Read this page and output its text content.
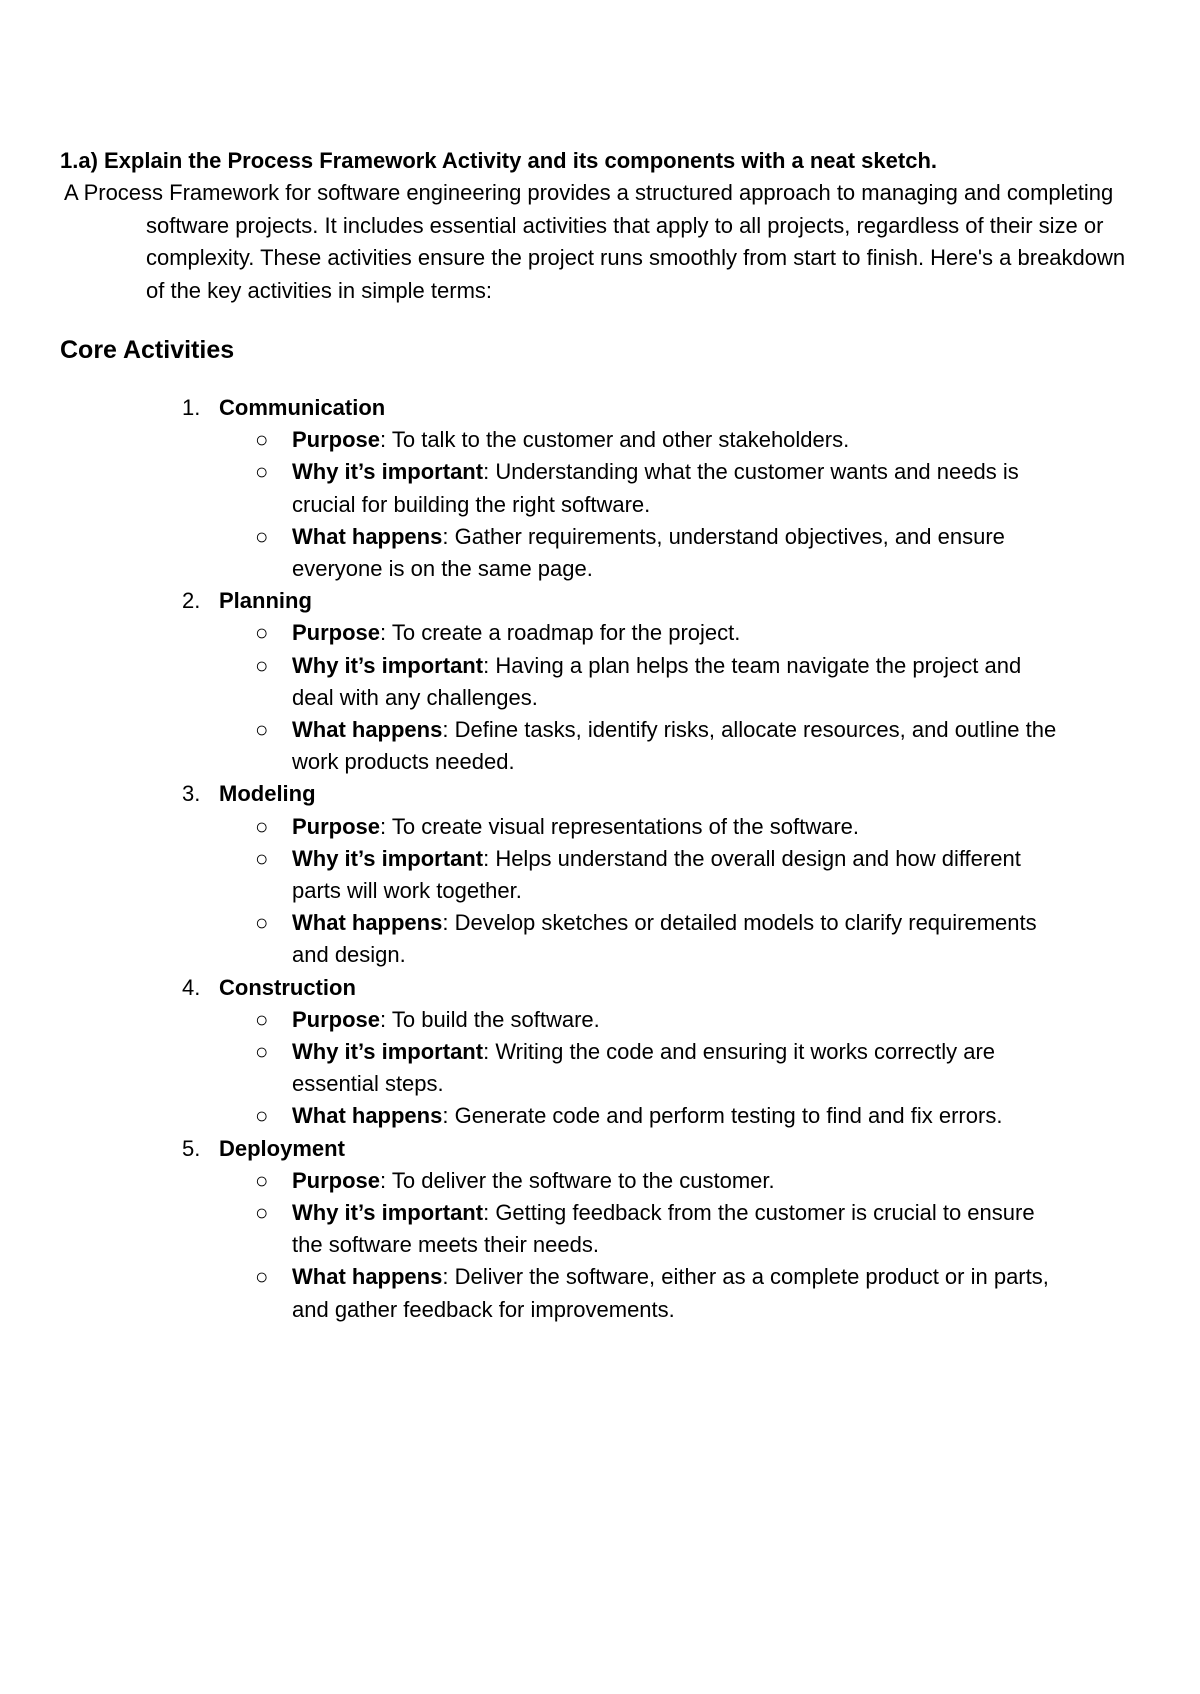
1.a) Explain the Process Framework Activity and its components with a neat sketch.

A Process Framework for software engineering provides a structured approach to managing and completing software projects. It includes essential activities that apply to all projects, regardless of their size or complexity. These activities ensure the project runs smoothly from start to finish. Here's a breakdown of the key activities in simple terms:

Core Activities
1. Communication
○ Purpose: To talk to the customer and other stakeholders.
○ Why it’s important: Understanding what the customer wants and needs is crucial for building the right software.
○ What happens: Gather requirements, understand objectives, and ensure everyone is on the same page.
2. Planning
○ Purpose: To create a roadmap for the project.
○ Why it’s important: Having a plan helps the team navigate the project and deal with any challenges.
○ What happens: Define tasks, identify risks, allocate resources, and outline the work products needed.
3. Modeling
○ Purpose: To create visual representations of the software.
○ Why it’s important: Helps understand the overall design and how different parts will work together.
○ What happens: Develop sketches or detailed models to clarify requirements and design.
4. Construction
○ Purpose: To build the software.
○ Why it’s important: Writing the code and ensuring it works correctly are essential steps.
○ What happens: Generate code and perform testing to find and fix errors.
5. Deployment
○ Purpose: To deliver the software to the customer.
○ Why it’s important: Getting feedback from the customer is crucial to ensure the software meets their needs.
○ What happens: Deliver the software, either as a complete product or in parts, and gather feedback for improvements.
